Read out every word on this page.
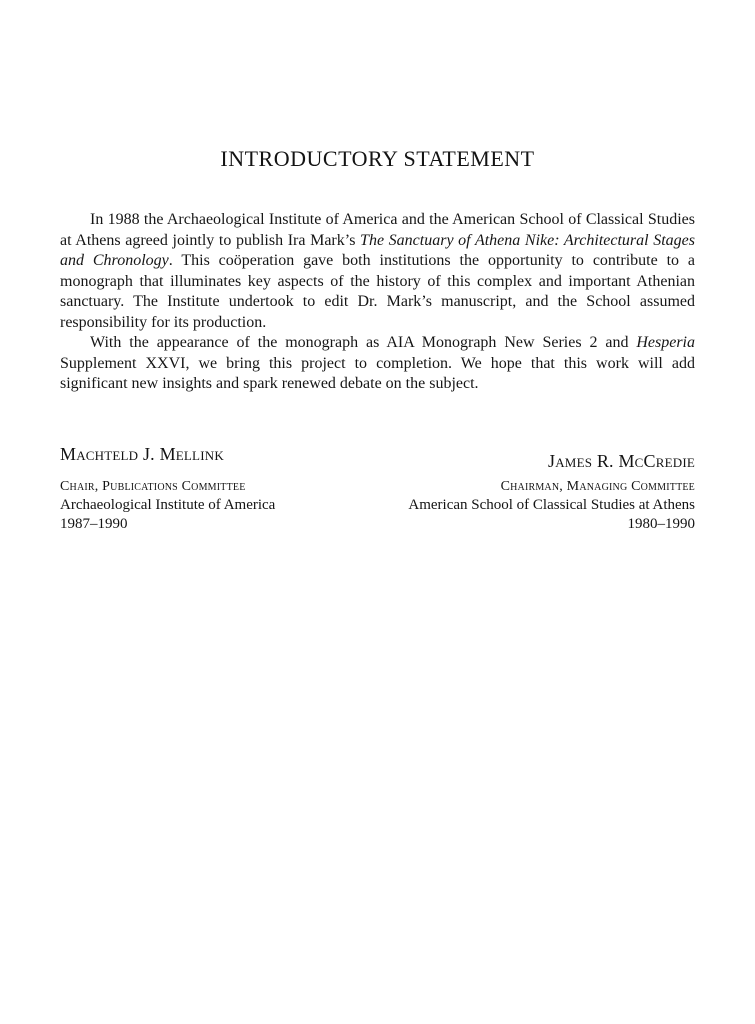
INTRODUCTORY STATEMENT

In 1988 the Archaeological Institute of America and the American School of Classical Studies at Athens agreed jointly to publish Ira Mark’s The Sanctuary of Athena Nike: Architectural Stages and Chronology. This coöperation gave both institutions the opportunity to contribute to a monograph that illuminates key aspects of the history of this complex and important Athenian sanctuary. The Institute undertook to edit Dr. Mark’s manuscript, and the School assumed responsibility for its production.

With the appearance of the monograph as AIA Monograph New Series 2 and Hesperia Supplement XXVI, we bring this project to completion. We hope that this work will add significant new insights and spark renewed debate on the subject.

Machteld J. Mellink
Chair, Publications Committee
Archaeological Institute of America
1987–1990
James R. McCredie
Chairman, Managing Committee
American School of Classical Studies at Athens
1980–1990
